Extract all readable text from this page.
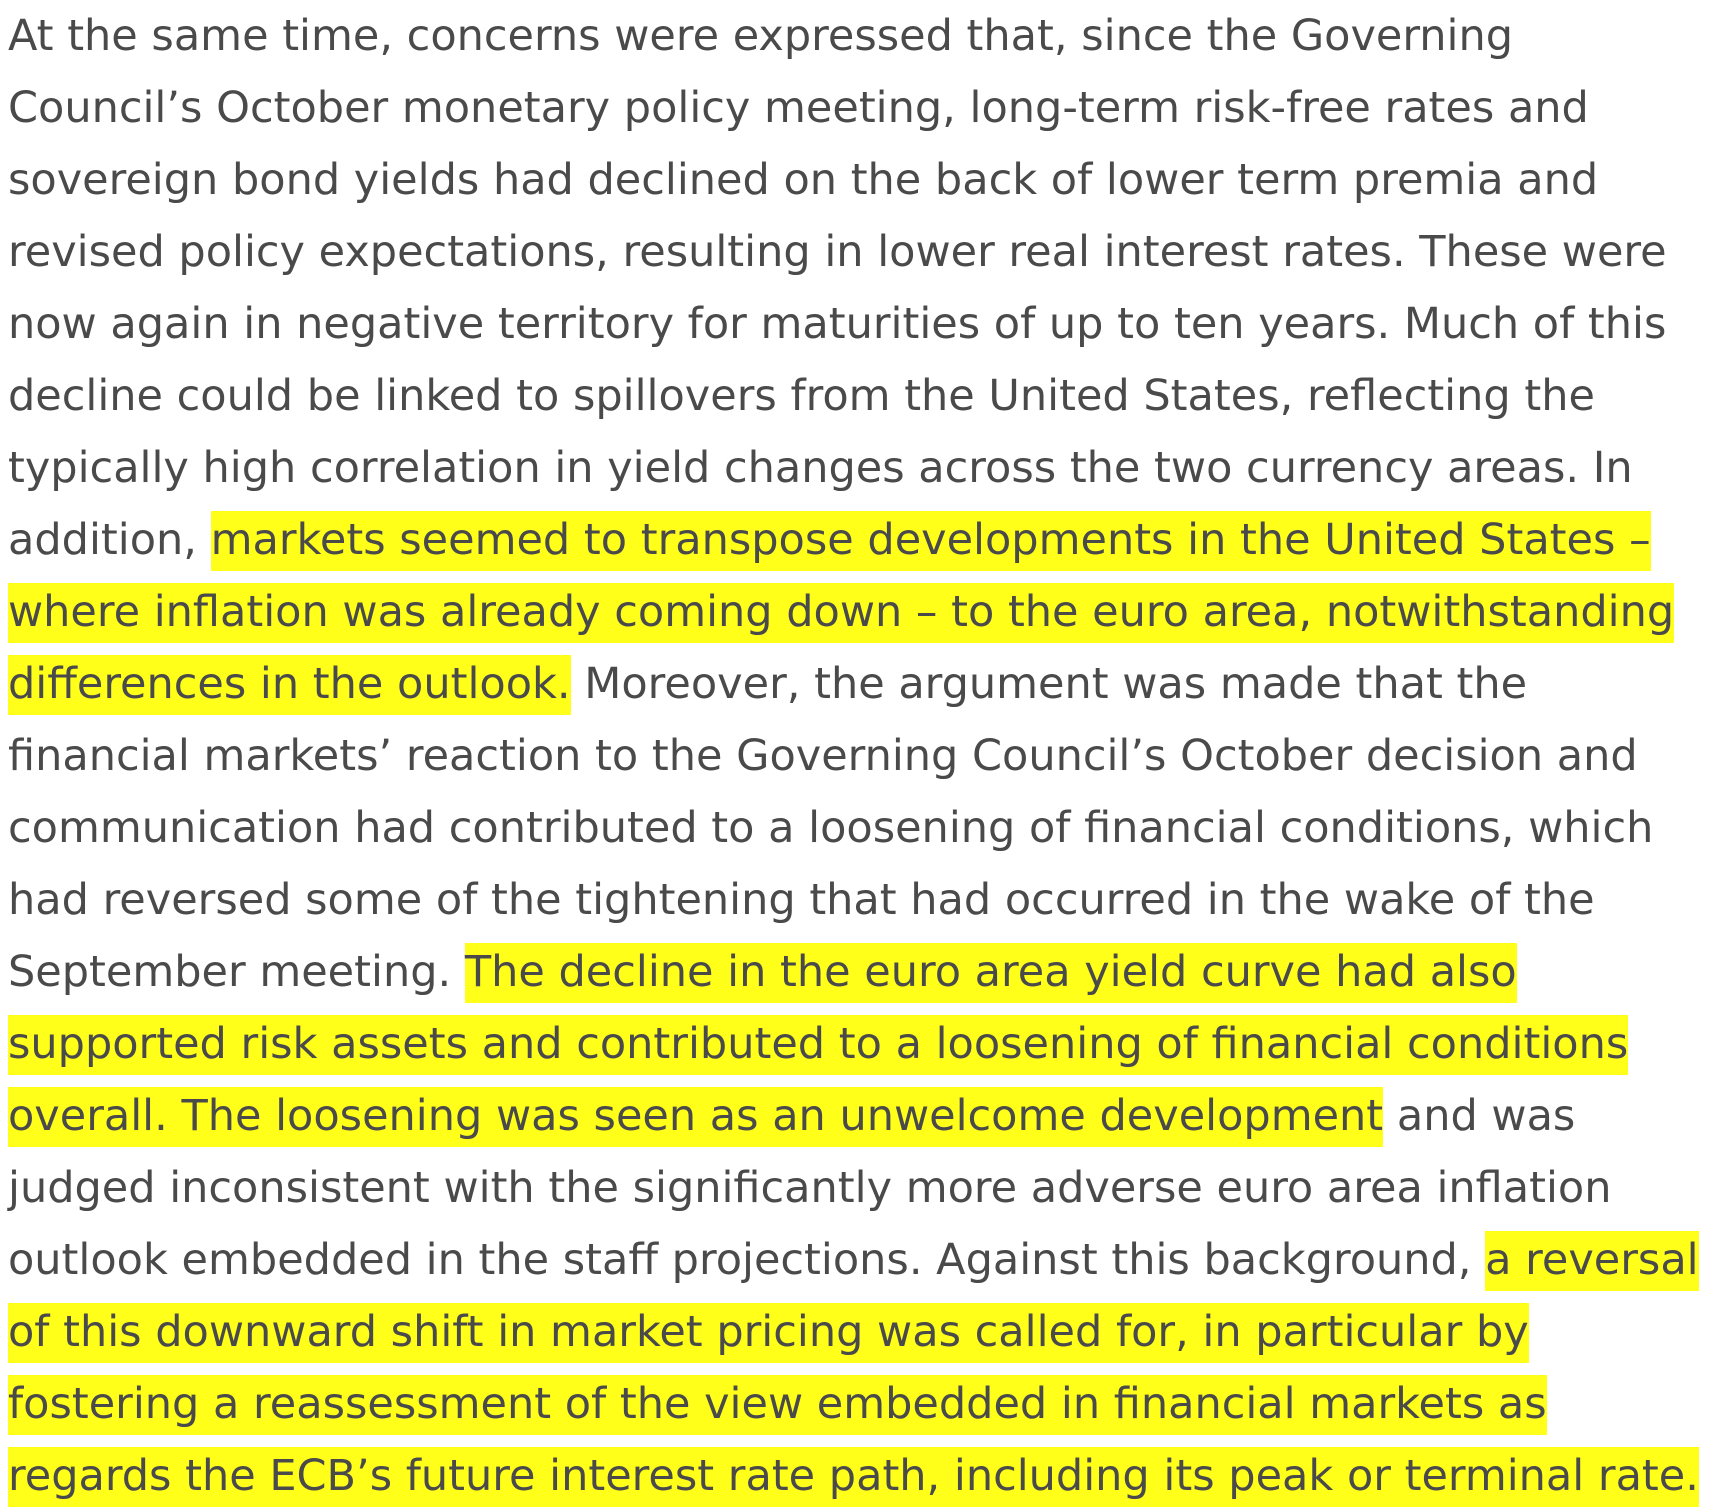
At the same time, concerns were expressed that, since the Governing Council’s October monetary policy meeting, long-term risk-free rates and sovereign bond yields had declined on the back of lower term premia and revised policy expectations, resulting in lower real interest rates. These were now again in negative territory for maturities of up to ten years. Much of this decline could be linked to spillovers from the United States, reflecting the typically high correlation in yield changes across the two currency areas. In addition, markets seemed to transpose developments in the United States – where inflation was already coming down – to the euro area, notwithstanding differences in the outlook. Moreover, the argument was made that the financial markets’ reaction to the Governing Council’s October decision and communication had contributed to a loosening of financial conditions, which had reversed some of the tightening that had occurred in the wake of the September meeting. The decline in the euro area yield curve had also supported risk assets and contributed to a loosening of financial conditions overall. The loosening was seen as an unwelcome development and was judged inconsistent with the significantly more adverse euro area inflation outlook embedded in the staff projections. Against this background, a reversal of this downward shift in market pricing was called for, in particular by fostering a reassessment of the view embedded in financial markets as regards the ECB’s future interest rate path, including its peak or terminal rate.
